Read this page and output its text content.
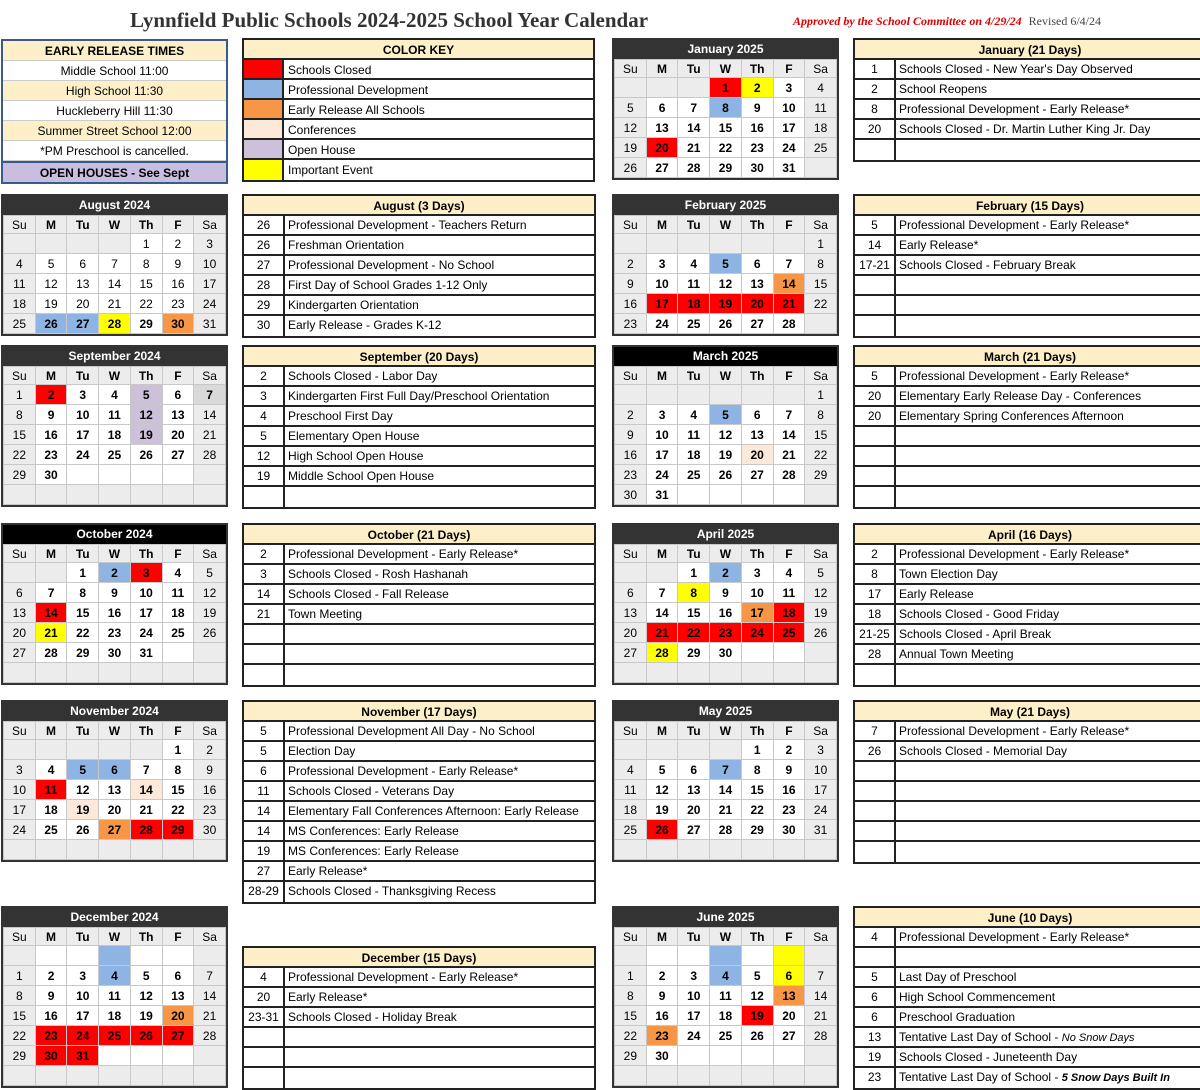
Lynnfield Public Schools 2024-2025 School Year Calendar	Approved by the School Committee on 4/29/24 Revised 6/4/24
EARLY RELEASE TIMES
Middle School 11:00
High School 11:30
Huckleberry Hill 11:30
Summer Street School 12:00
*PM Preschool is cancelled.
OPEN HOUSES - See Sept
COLOR KEY
Schools Closed
Professional Development
Early Release All Schools
Conferences
Open House
Important Event
August 2024
Su	M	Tu	W	Th	F	Sa
				1	2	3
4	5	6	7	8	9	10
11	12	13	14	15	16	17
18	19	20	21	22	23	24
25	26	27	28	29	30	31
September 2024
Su	M	Tu	W	Th	F	Sa
1	2	3	4	5	6	7
8	9	10	11	12	13	14
15	16	17	18	19	20	21
22	23	24	25	26	27	28
29	30					

October 2024
Su	M	Tu	W	Th	F	Sa
		1	2	3	4	5
6	7	8	9	10	11	12
13	14	15	16	17	18	19
20	21	22	23	24	25	26
27	28	29	30	31		

November 2024
Su	M	Tu	W	Th	F	Sa
					1	2
3	4	5	6	7	8	9
10	11	12	13	14	15	16
17	18	19	20	21	22	23
24	25	26	27	28	29	30

December 2024
Su	M	Tu	W	Th	F	Sa

1	2	3	4	5	6	7
8	9	10	11	12	13	14
15	16	17	18	19	20	21
22	23	24	25	26	27	28
29	30	31				

January 2025
Su	M	Tu	W	Th	F	Sa
			1	2	3	4
5	6	7	8	9	10	11
12	13	14	15	16	17	18
19	20	21	22	23	24	25
26	27	28	29	30	31	
February 2025
Su	M	Tu	W	Th	F	Sa
						1
2	3	4	5	6	7	8
9	10	11	12	13	14	15
16	17	18	19	20	21	22
23	24	25	26	27	28	
March 2025
Su	M	Tu	W	Th	F	Sa
						1
2	3	4	5	6	7	8
9	10	11	12	13	14	15
16	17	18	19	20	21	22
23	24	25	26	27	28	29
30	31					
April 2025
Su	M	Tu	W	Th	F	Sa
		1	2	3	4	5
6	7	8	9	10	11	12
13	14	15	16	17	18	19
20	21	22	23	24	25	26
27	28	29	30			

May 2025
Su	M	Tu	W	Th	F	Sa
				1	2	3
4	5	6	7	8	9	10
11	12	13	14	15	16	17
18	19	20	21	22	23	24
25	26	27	28	29	30	31

June 2025
Su	M	Tu	W	Th	F	Sa

1	2	3	4	5	6	7
8	9	10	11	12	13	14
15	16	17	18	19	20	21
22	23	24	25	26	27	28
29	30					

August (3 Days)
26	Professional Development - Teachers Return
26	Freshman Orientation
27	Professional Development - No School
28	First Day of School Grades 1-12 Only
29	Kindergarten Orientation
30	Early Release - Grades K-12
September (20 Days)
2	Schools Closed - Labor Day
3	Kindergarten First Full Day/Preschool Orientation
4	Preschool First Day
5	Elementary Open House
12	High School Open House
19	Middle School Open House
October (21 Days)
2	Professional Development - Early Release*
3	Schools Closed - Rosh Hashanah
14	Schools Closed - Fall Release
21	Town Meeting
November (17 Days)
5	Professional Development All Day - No School
5	Election Day
6	Professional Development - Early Release*
11	Schools Closed - Veterans Day
14	Elementary Fall Conferences Afternoon: Early Release
14	MS Conferences: Early Release
19	MS Conferences: Early Release
27	Early Release*
28-29 Schools Closed - Thanksgiving Recess
December (15 Days)
4	Professional Development - Early Release*
20	Early Release*
23-31 Schools Closed - Holiday Break
January (21 Days)
1	Schools Closed - New Year's Day Observed
2	School Reopens
8	Professional Development - Early Release*
20	Schools Closed - Dr. Martin Luther King Jr. Day
February (15 Days)
5	Professional Development - Early Release*
14	Early Release*
17-21 Schools Closed - February Break
March (21 Days)
5	Professional Development - Early Release*
20	Elementary Early Release Day - Conferences
20	Elementary Spring Conferences Afternoon
April (16 Days)
2	Professional Development - Early Release*
8	Town Election Day
17	Early Release
18	Schools Closed - Good Friday
21-25 Schools Closed - April Break
28	Annual Town Meeting
May (21 Days)
7	Professional Development - Early Release*
26	Schools Closed - Memorial Day
June (10 Days)
4	Professional Development - Early Release*
5	Last Day of Preschool
6	High School Commencement
6	Preschool Graduation
13	Tentative Last Day of School - No Snow Days
19	Schools Closed - Juneteenth Day
23	Tentative Last Day of School - 5 Snow Days Built In
